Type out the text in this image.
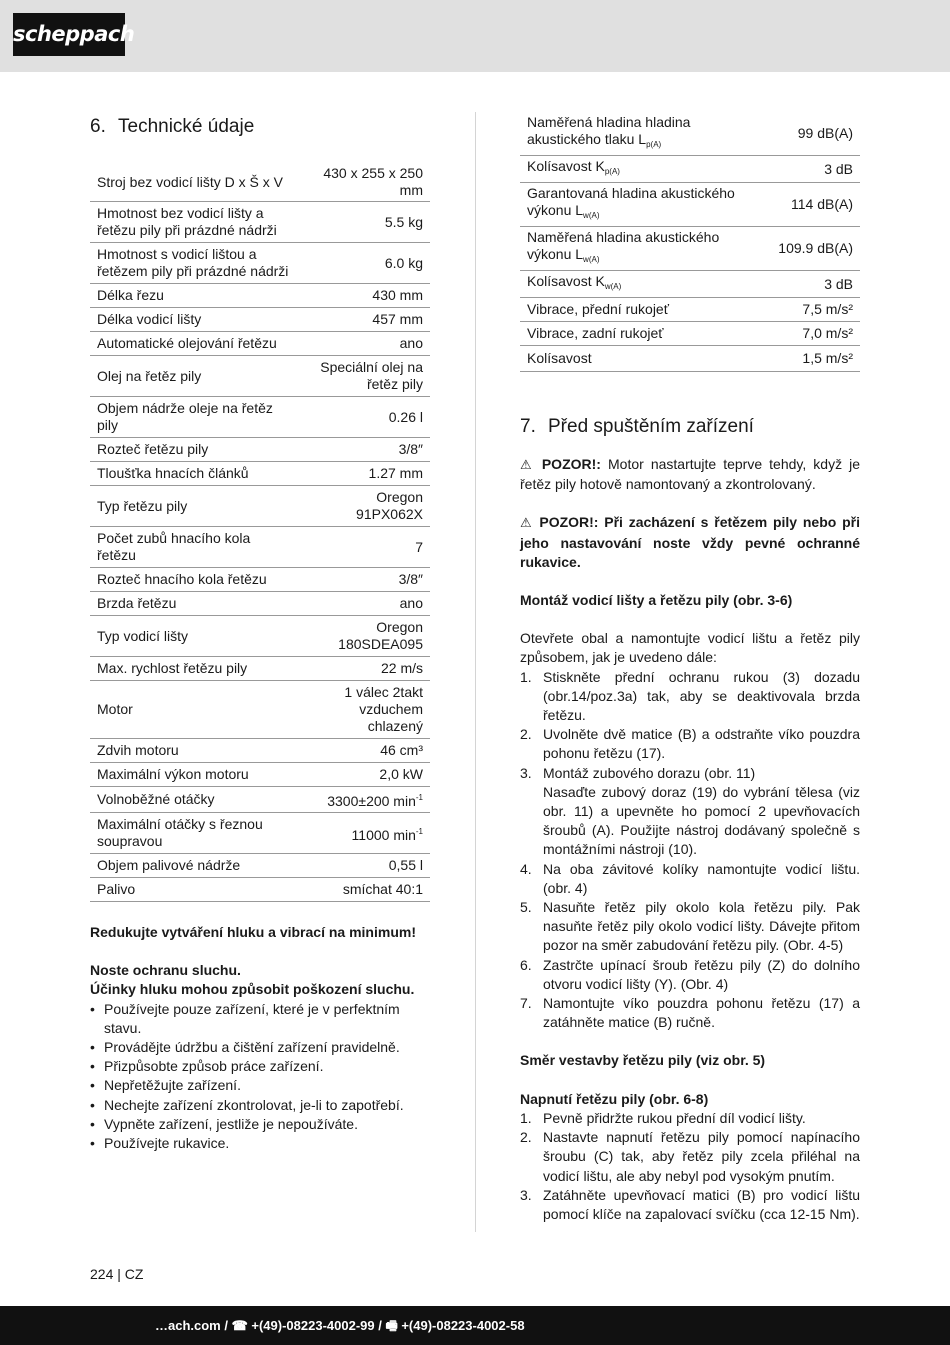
scheppach
6. Technické údaje
Stroj bez vodicí lišty D x Š x V	430 x 255 x 250 mm
Hmotnost bez vodicí lišty a řetězu pily při prázdné nádrži	5.5 kg
Hmotnost s vodicí lištou a řetězem pily při prázdné nádrži	6.0 kg
Délka řezu	430 mm
Délka vodicí lišty	457 mm
Automatické olejování řetězu	ano
Olej na řetěz pily	Speciální olej na řetěz pily
Objem nádrže oleje na řetěz pily	0.26 l
Rozteč řetězu pily	3/8″
Tloušťka hnacích článků	1.27 mm
Typ řetězu pily	Oregon 91PX062X
Počet zubů hnacího kola řetězu	7
Rozteč hnacího kola řetězu	3/8″
Brzda řetězu	ano
Typ vodicí lišty	Oregon 180SDEA095
Max. rychlost řetězu pily	22 m/s
Motor	1 válec 2takt vzduchem chlazený
Zdvih motoru	46 cm³
Maximální výkon motoru	2,0 kW
Volnoběžné otáčky	3300±200 $\min^{-1}$
Maximální otáčky s řeznou soupravou	11000 $\min^{-1}$
Objem palivové nádrže	0,55 l
Palivo	smíchat 40:1

Redukujte vytváření hluku a vibrací na minimum!

Noste ochranu sluchu.

Účinky hluku mohou způsobit poškození sluchu.

• Používejte pouze zařízení, které je v perfektním stavu.
• Provádějte údržbu a čištění zařízení pravidelně.
• Přizpůsobte způsob práce zařízení.
• Nepřetěžujte zařízení.
• Nechejte zařízení zkontrolovat, je-li to zapotřebí.
• Vypněte zařízení, jestliže je nepoužíváte.
• Používejte rukavice.
Naměřená hladina hladina akustického tlaku $L_{p(A)}$	99 dB(A)
Kolísavost $K_{p(A)}$	3 dB
Garantovaná hladina akustického výkonu $L_{w(A)}$	114 dB(A)
Naměřená hladina akustického výkonu $L_{w(A)}$	109.9 dB(A)
Kolísavost $K_{w(A)}$	3 dB
Vibrace, přední rukojeť	7,5 m/s²
Vibrace, zadní rukojeť	7,0 m/s²
Kolísavost	1,5 m/s²
7. Před spuštěním zařízení

⚠ POZOR!: Motor nastartujte teprve tehdy, když je řetěz pily hotově namontovaný a zkontrolovaný.

⚠ POZOR!: Při zacházení s řetězem pily nebo při jeho nastavování noste vždy pevné ochranné rukavice.

Montáž vodicí lišty a řetězu pily (obr. 3-6)

Otevřete obal a namontujte vodicí lištu a řetěz pily způsobem, jak je uvedeno dále:

1. Stiskněte přední ochranu rukou (3) dozadu (obr.14/poz.3a) tak, aby se deaktivovala brzda řetězu.
2. Uvolněte dvě matice (B) a odstraňte víko pouzdra pohonu řetězu (17).
3. Montáž zubového dorazu (obr. 11)
Nasaďte zubový doraz (19) do vybrání tělesa (viz obr. 11) a upevněte ho pomocí 2 upevňovacích šroubů (A). Použijte nástroj dodávaný společně s montážními nástroji (10).
4. Na oba závitové kolíky namontujte vodicí lištu. (obr. 4)
5. Nasuňte řetěz pily okolo kola řetězu pily. Pak nasuňte řetěz pily okolo vodicí lišty. Dávejte přitom pozor na směr zabudování řetězu pily. (Obr. 4-5)
6. Zastrčte upínací šroub řetězu pily (Z) do dolního otvoru vodicí lišty (Y). (Obr. 4)
7. Namontujte víko pouzdra pohonu řetězu (17) a zatáhněte matice (B) ručně.

Směr vestavby řetězu pily (viz obr. 5)

Napnutí řetězu pily (obr. 6-8)

1. Pevně přidržte rukou přední díl vodicí lišty.
2. Nastavte napnutí řetězu pily pomocí napínacího šroubu (C) tak, aby řetěz pily zcela přiléhal na vodicí lištu, ale aby nebyl pod vysokým pnutím.
3. Zatáhněte upevňovací matici (B) pro vodicí lištu pomocí klíče na zapalovací svíčku (cca 12-15 Nm).
224 | CZ
…ach.com / ☎ +(49)-08223-4002-99 / 🖷 +(49)-08223-4002-58
